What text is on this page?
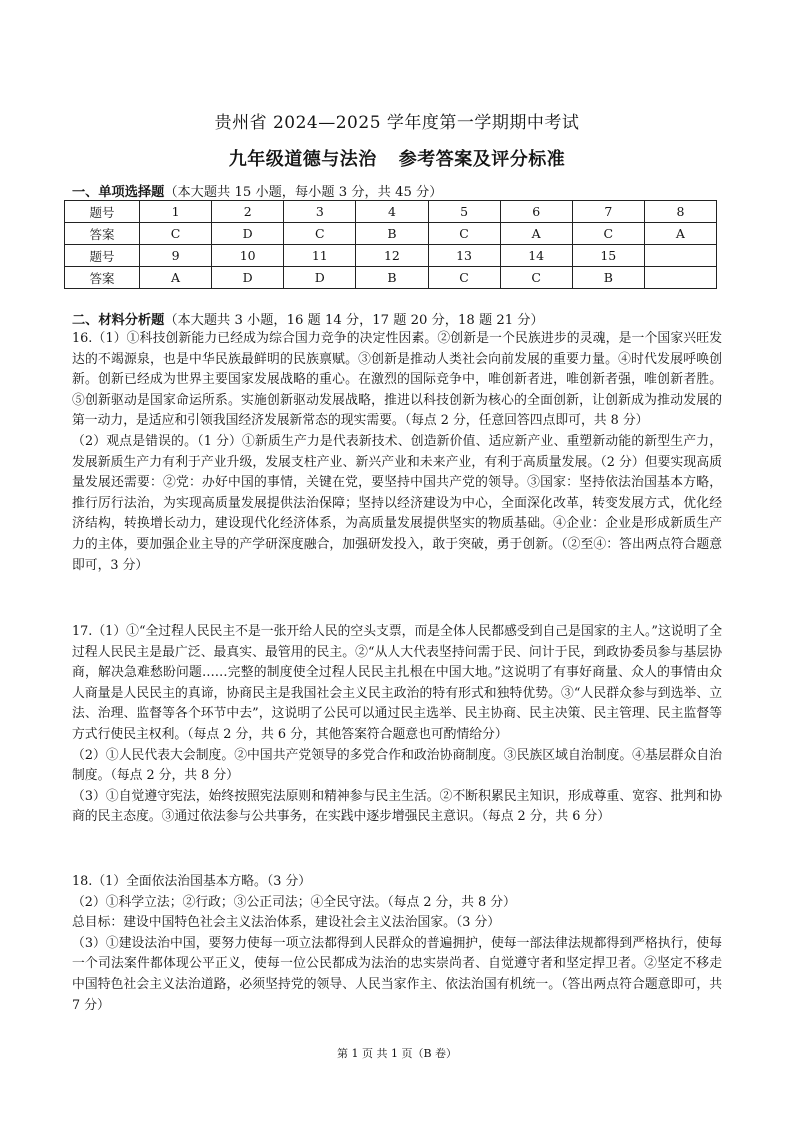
贵州省 2024—2025 学年度第一学期期中考试
九年级道德与法治 参考答案及评分标准
一、单项选择题（本大题共 15 小题，每小题 3 分，共 45 分）
题号	1	2	3	4	5	6	7	8
答案	C	D	C	B	C	A	C	A
题号	9	10	11	12	13	14	15	
答案	A	D	D	B	C	C	B	
二、材料分析题（本大题共 3 小题，16 题 14 分，17 题 20 分，18 题 21 分）

16.（1）①科技创新能力已经成为综合国力竞争的决定性因素。②创新是一个民族进步的灵魂，是一个国家兴旺发达的不竭源泉，也是中华民族最鲜明的民族禀赋。③创新是推动人类社会向前发展的重要力量。④时代发展呼唤创新。创新已经成为世界主要国家发展战略的重心。在激烈的国际竞争中，唯创新者进，唯创新者强，唯创新者胜。⑤创新驱动是国家命运所系。实施创新驱动发展战略，推进以科技创新为核心的全面创新，让创新成为推动发展的第一动力，是适应和引领我国经济发展新常态的现实需要。（每点 2 分，任意回答四点即可，共 8 分）

（2）观点是错误的。（1 分）①新质生产力是代表新技术、创造新价值、适应新产业、重塑新动能的新型生产力，发展新质生产力有利于产业升级，发展支柱产业、新兴产业和未来产业，有利于高质量发展。（2 分）但要实现高质量发展还需要：②党：办好中国的事情，关键在党，要坚持中国共产党的领导。③国家：坚持依法治国基本方略，推行厉行法治，为实现高质量发展提供法治保障；坚持以经济建设为中心，全面深化改革，转变发展方式，优化经济结构，转换增长动力，建设现代化经济体系，为高质量发展提供坚实的物质基础。④企业：企业是形成新质生产力的主体，要加强企业主导的产学研深度融合，加强研发投入，敢于突破，勇于创新。（②至④：答出两点符合题意即可，3 分）

17.（1）①“全过程人民民主不是一张开给人民的空头支票，而是全体人民都感受到自己是国家的主人。”这说明了全过程人民民主是最广泛、最真实、最管用的民主。②“从人大代表坚持问需于民、问计于民，到政协委员参与基层协商，解决急难愁盼问题……完整的制度使全过程人民民主扎根在中国大地。”这说明了有事好商量、众人的事情由众人商量是人民民主的真谛，协商民主是我国社会主义民主政治的特有形式和独特优势。③“人民群众参与到选举、立法、治理、监督等各个环节中去”，这说明了公民可以通过民主选举、民主协商、民主决策、民主管理、民主监督等方式行使民主权利。（每点 2 分，共 6 分，其他答案符合题意也可酌情给分）

（2）①人民代表大会制度。②中国共产党领导的多党合作和政治协商制度。③民族区域自治制度。④基层群众自治制度。（每点 2 分，共 8 分）

（3）①自觉遵守宪法，始终按照宪法原则和精神参与民主生活。②不断积累民主知识，形成尊重、宽容、批判和协商的民主态度。③通过依法参与公共事务，在实践中逐步增强民主意识。（每点 2 分，共 6 分）

18.（1）全面依法治国基本方略。（3 分）

（2）①科学立法；②行政；③公正司法；④全民守法。（每点 2 分，共 8 分）

总目标：建设中国特色社会主义法治体系，建设社会主义法治国家。（3 分）

（3）①建设法治中国，要努力使每一项立法都得到人民群众的普遍拥护，使每一部法律法规都得到严格执行，使每一个司法案件都体现公平正义，使每一位公民都成为法治的忠实崇尚者、自觉遵守者和坚定捍卫者。②坚定不移走中国特色社会主义法治道路，必须坚持党的领导、人民当家作主、依法治国有机统一。（答出两点符合题意即可，共 7 分）

第 1 页 共 1 页（B 卷）
